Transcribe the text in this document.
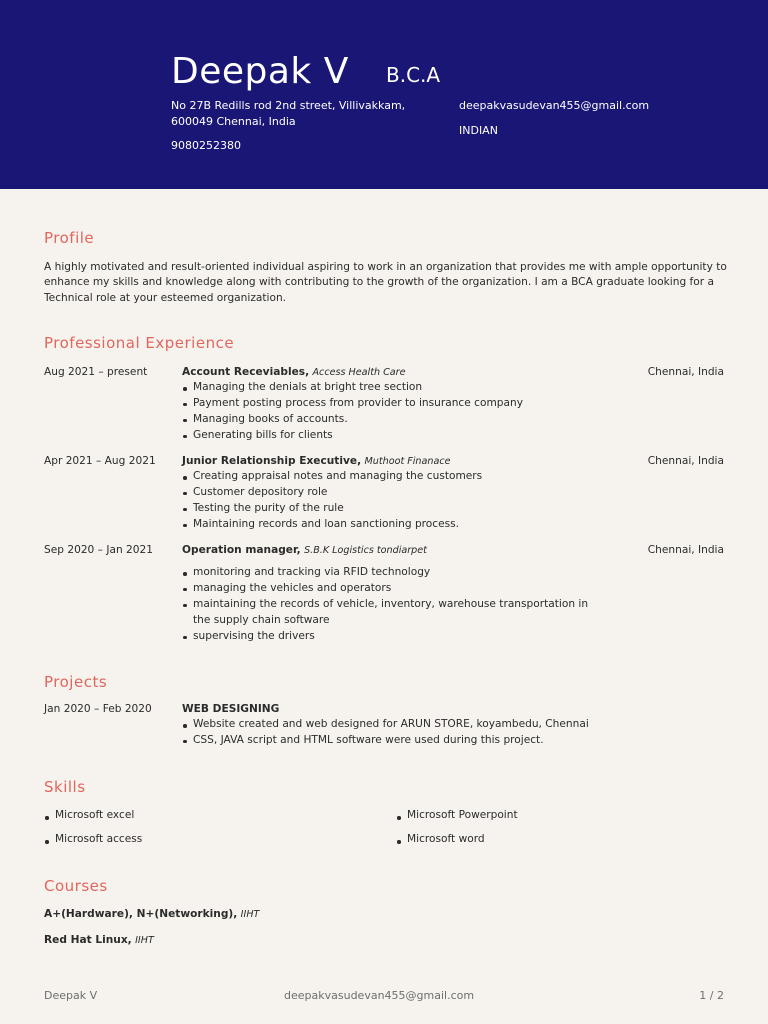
Deepak V B.C.A
No 27B Redills rod 2nd street, Villivakkam,
600049 Chennai, India
9080252380
deepakvasudevan455@gmail.com
INDIAN
Profile
A highly motivated and result-oriented individual aspiring to work in an organization that provides me with ample opportunity to enhance my skills and knowledge along with contributing to the growth of the organization. I am a BCA graduate looking for a Technical role at your esteemed organization.
Professional Experience
Aug 2021 – present	Account Receviables, Access Health Care	Chennai, India
Managing the denials at bright tree section
Payment posting process from provider to insurance company
Managing books of accounts.
Generating bills for clients
Apr 2021 – Aug 2021 Junior Relationship Executive, Muthoot Finanace	Chennai, India
Creating appraisal notes and managing the customers
Customer depository role
Testing the purity of the rule
Maintaining records and loan sanctioning process.
Sep 2020 – Jan 2021	Operation manager, S.B.K Logistics tondiarpet	Chennai, India
monitoring and tracking via RFID technology
managing the vehicles and operators
maintaining the records of vehicle, inventory, warehouse transportation in the supply chain software
supervising the drivers
Projects
Jan 2020 – Feb 2020	WEB DESIGNING
Website created and web designed for ARUN STORE, koyambedu, Chennai
CSS, JAVA script and HTML software were used during this project.
Skills
Microsoft excel	Microsoft Powerpoint
Microsoft access	Microsoft word
Courses
A+(Hardware), N+(Networking), IIHT
Red Hat Linux, IIHT
Deepak V	deepakvasudevan455@gmail.com	1 / 2
